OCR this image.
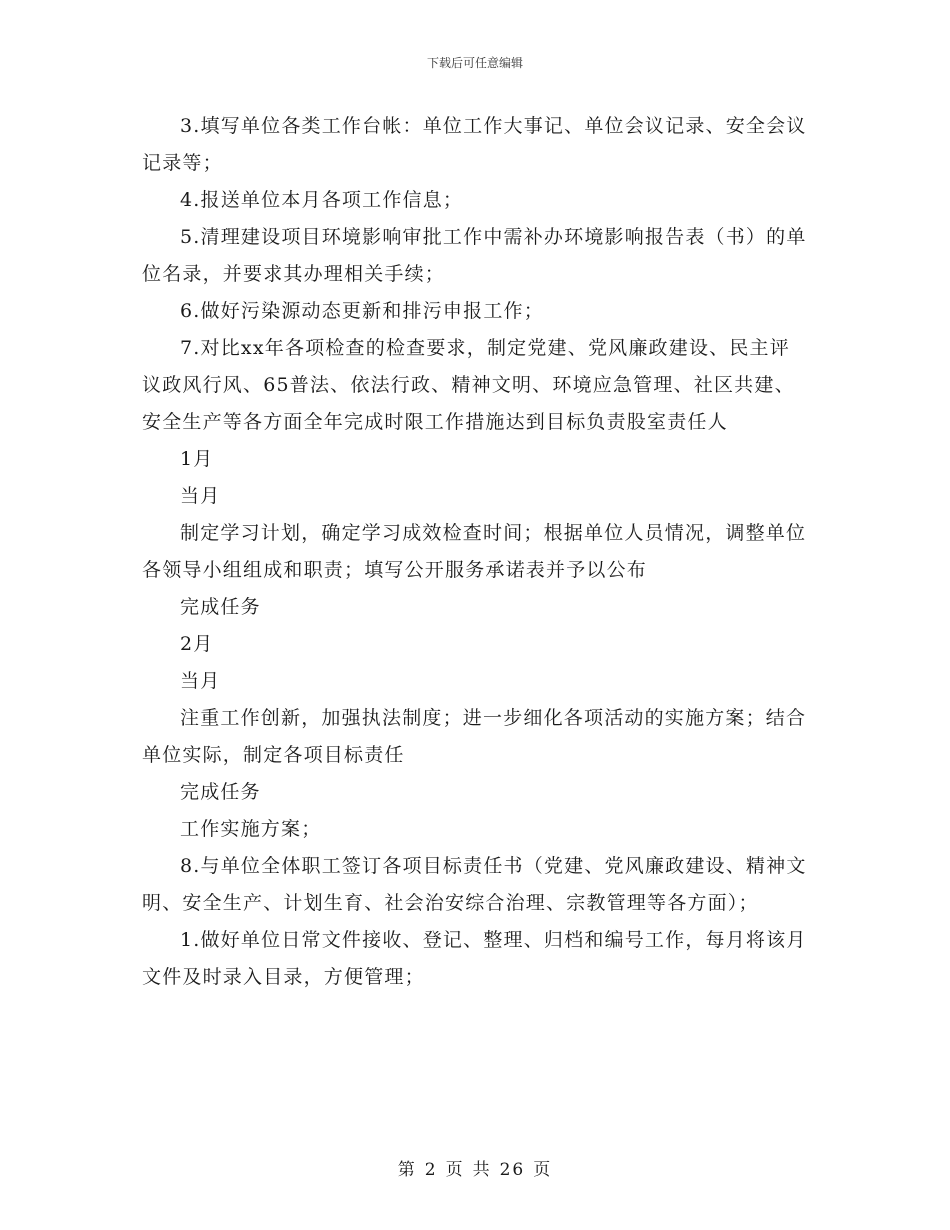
下载后可任意编辑

3.填写单位各类工作台帐：单位工作大事记、单位会议记录、安全会议记录等；

4.报送单位本月各项工作信息；

5.清理建设项目环境影响审批工作中需补办环境影响报告表（书）的单位名录，并要求其办理相关手续；

6.做好污染源动态更新和排污申报工作；

7.对比xx年各项检查的检查要求，制定党建、党风廉政建设、民主评议政风行风、65普法、依法行政、精神文明、环境应急管理、社区共建、安全生产等各方面全年完成时限工作措施达到目标负责股室责任人

1月

当月

制定学习计划，确定学习成效检查时间；根据单位人员情况，调整单位各领导小组组成和职责；填写公开服务承诺表并予以公布

完成任务

2月

当月

注重工作创新，加强执法制度；进一步细化各项活动的实施方案；结合单位实际，制定各项目标责任

完成任务

工作实施方案；

8.与单位全体职工签订各项目标责任书（党建、党风廉政建设、精神文明、安全生产、计划生育、社会治安综合治理、宗教管理等各方面）；

1.做好单位日常文件接收、登记、整理、归档和编号工作，每月将该月文件及时录入目录，方便管理；

第 2 页 共 26 页
